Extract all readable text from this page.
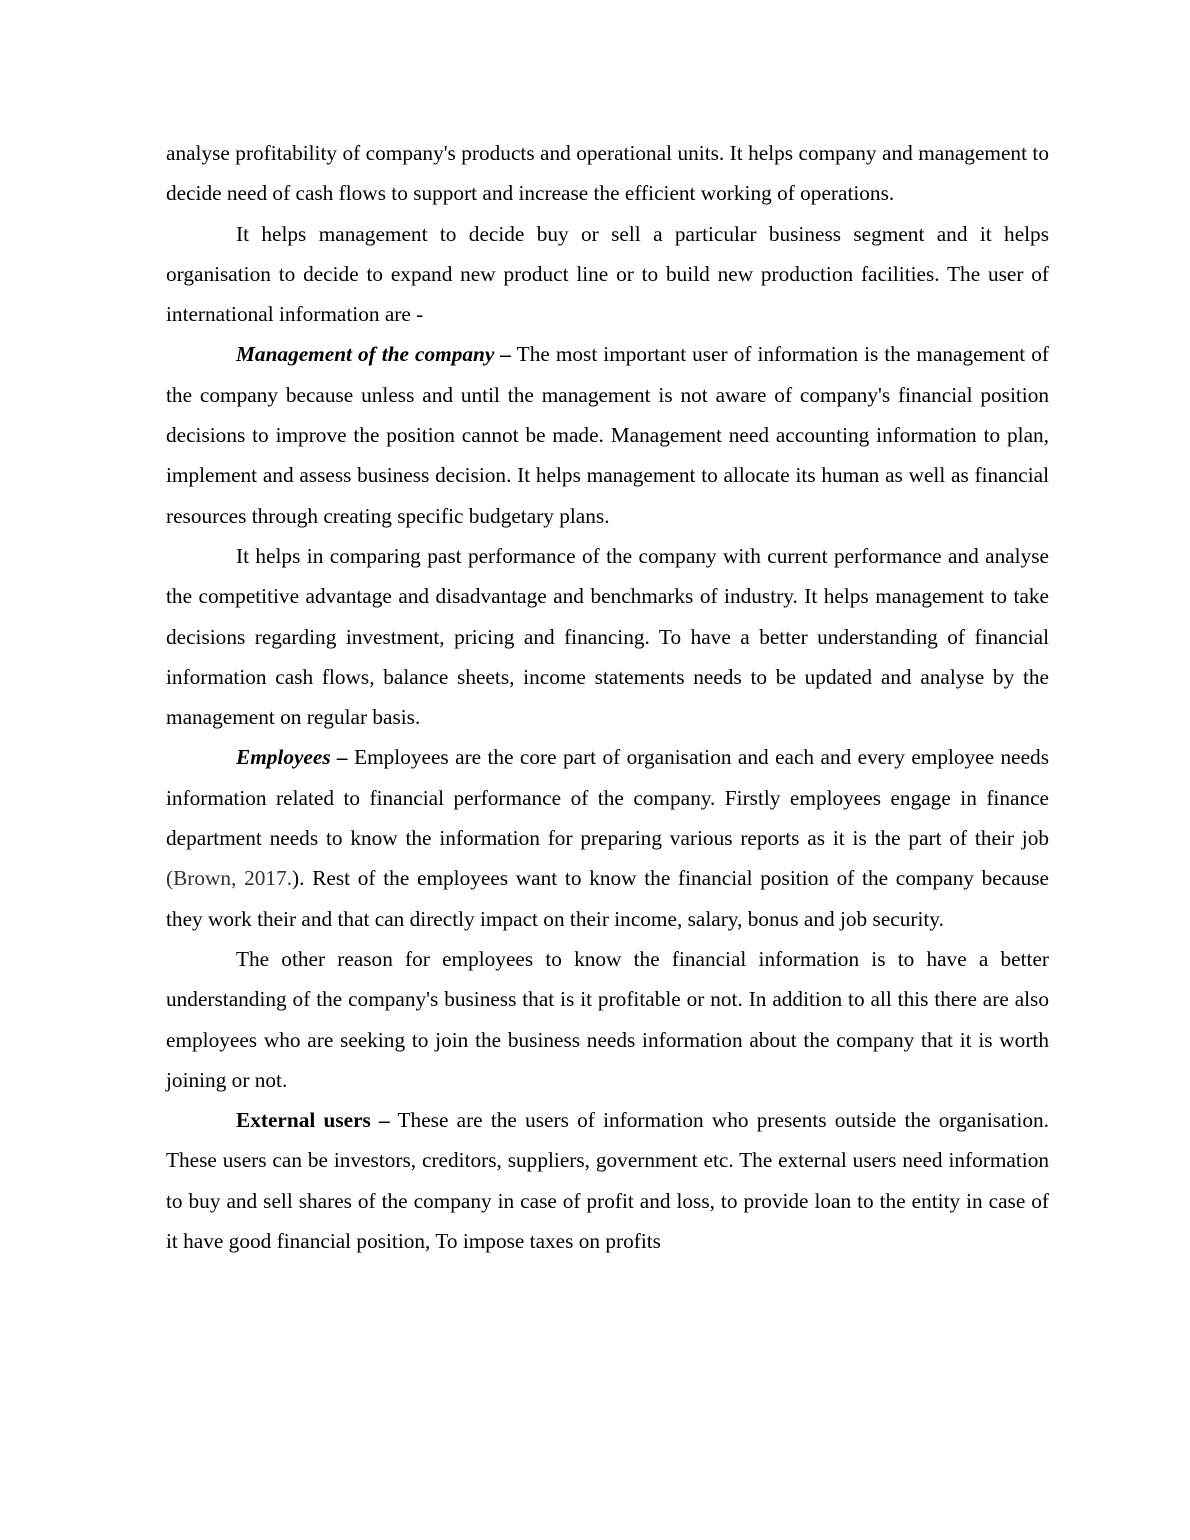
analyse profitability of company's products and operational units. It helps company and management to decide need of cash flows to support and increase the efficient working of operations.

It helps management to decide buy or sell a particular business segment and it helps organisation to decide to expand new product line or to build new production facilities. The user of international information are -

Management of the company – The most important user of information is the management of the company because unless and until the management is not aware of company's financial position decisions to improve the position cannot be made. Management need accounting information to plan, implement and assess business decision. It helps management to allocate its human as well as financial resources through creating specific budgetary plans.

It helps in comparing past performance of the company with current performance and analyse the competitive advantage and disadvantage and benchmarks of industry. It helps management to take decisions regarding investment, pricing and financing. To have a better understanding of financial information cash flows, balance sheets, income statements needs to be updated and analyse by the management on regular basis.

Employees – Employees are the core part of organisation and each and every employee needs information related to financial performance of the company. Firstly employees engage in finance department needs to know the information for preparing various reports as it is the part of their job (Brown, 2017.). Rest of the employees want to know the financial position of the company because they work their and that can directly impact on their income, salary, bonus and job security.

The other reason for employees to know the financial information is to have a better understanding of the company's business that is it profitable or not. In addition to all this there are also employees who are seeking to join the business needs information about the company that it is worth joining or not.

External users – These are the users of information who presents outside the organisation. These users can be investors, creditors, suppliers, government etc. The external users need information to buy and sell shares of the company in case of profit and loss, to provide loan to the entity in case of it have good financial position, To impose taxes on profits
